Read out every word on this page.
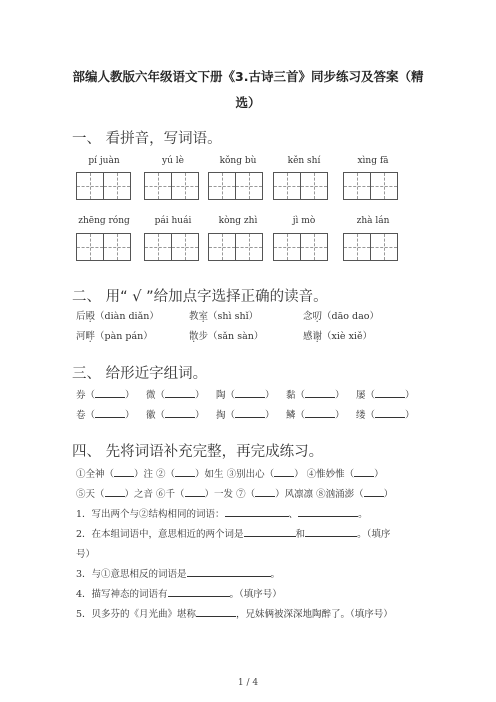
部编人教版六年级语文下册《3.古诗三首》同步练习及答案（精
选）
一、 看拼音，写词语。
pí juàn	yú lè	kǒng bù	kěn shí	xìng fā
zhēng róng	pái huái	kòng zhì	jì mò	zhà lán
二、 用“ √ ”给加点字选择正确的读音。
后殿（diàn diǎn）	教室（shì shǐ）	念叨（dāo dao）
河畔（pàn pán）	散步（sǎn sàn）	感谢（xiè xiě）
三、 给形近字组词。
券（	） 微（	） 陶（	） 黏（	） 屡（	）
卷（	） 徽（	） 掏（	） 鳞（	） 缕（	）
四、 先将词语补充完整，再完成练习。
①全神（ ）注 ②（ ）如生 ③别出心（ ） ④惟妙惟（ ）
⑤天（ ）之音 ⑥千（ ）一发 ⑦（ ）风凛凛 ⑧汹涌澎（ ）
1．写出两个与②结构相同的词语：	、	。
2．在本组词语中，意思相近的两个词是	和	。（填序
号）
3．与①意思相反的词语是	。
4．描写神态的词语有	。（填序号）
5．贝多芬的《月光曲》堪称	，兄妹俩被深深地陶醉了。（填序号）
1 / 4
